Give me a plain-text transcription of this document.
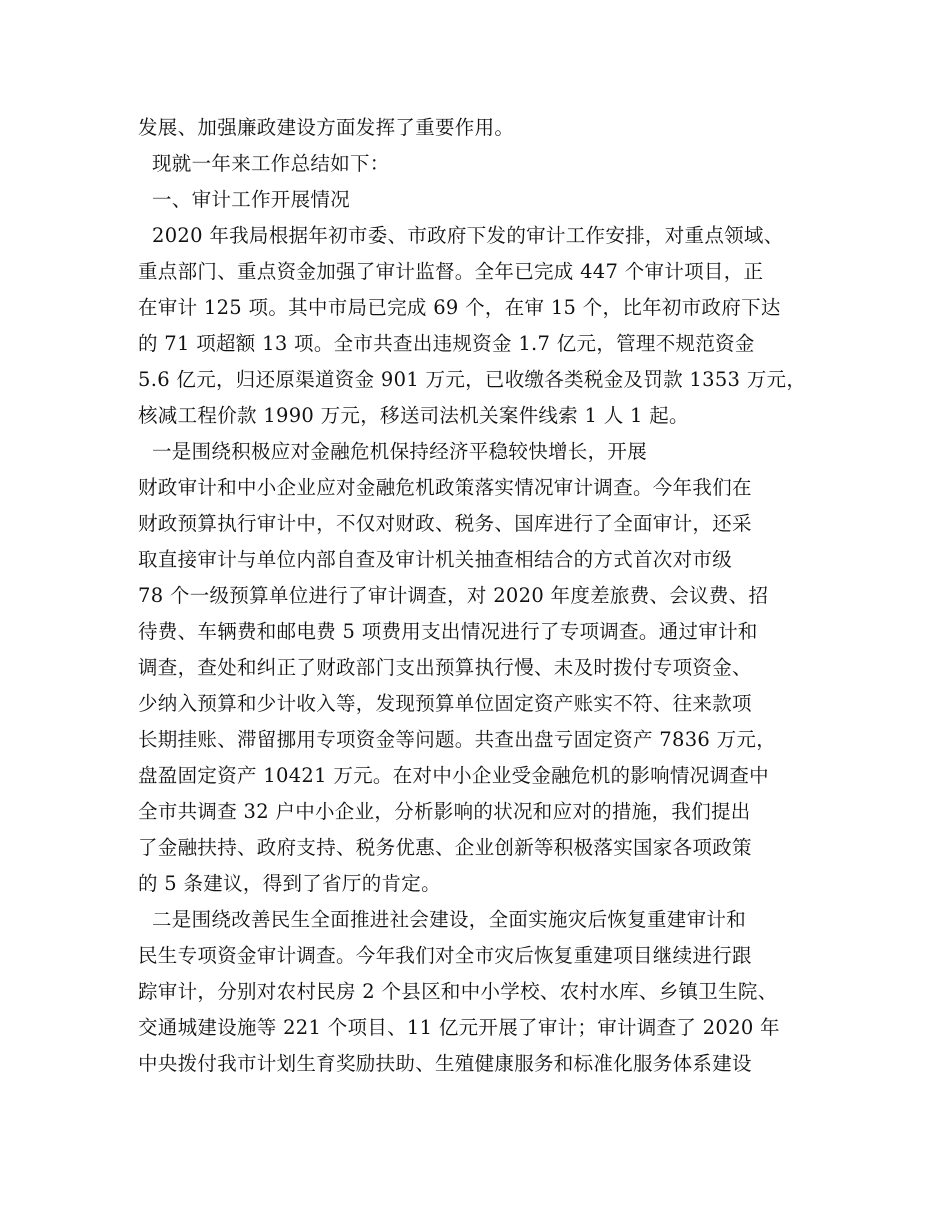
发展、加强廉政建设方面发挥了重要作用。
现就一年来工作总结如下：
一、审计工作开展情况
2020 年我局根据年初市委、市政府下发的审计工作安排，对重点领域、
重点部门、重点资金加强了审计监督。全年已完成 447 个审计项目，正
在审计 125 项。其中市局已完成 69 个，在审 15 个，比年初市政府下达
的 71 项超额 13 项。全市共查出违规资金 1.7 亿元，管理不规范资金
5.6 亿元，归还原渠道资金 901 万元，已收缴各类税金及罚款 1353 万元，
核减工程价款 1990 万元，移送司法机关案件线索 1 人 1 起。
一是围绕积极应对金融危机保持经济平稳较快增长，开展
财政审计和中小企业应对金融危机政策落实情况审计调查。今年我们在
财政预算执行审计中，不仅对财政、税务、国库进行了全面审计，还采
取直接审计与单位内部自查及审计机关抽查相结合的方式首次对市级
78 个一级预算单位进行了审计调查，对 2020 年度差旅费、会议费、招
待费、车辆费和邮电费 5 项费用支出情况进行了专项调查。通过审计和
调查，查处和纠正了财政部门支出预算执行慢、未及时拨付专项资金、
少纳入预算和少计收入等，发现预算单位固定资产账实不符、往来款项
长期挂账、滞留挪用专项资金等问题。共查出盘亏固定资产 7836 万元，
盘盈固定资产 10421 万元。在对中小企业受金融危机的影响情况调查中
全市共调查 32 户中小企业，分析影响的状况和应对的措施，我们提出
了金融扶持、政府支持、税务优惠、企业创新等积极落实国家各项政策
的 5 条建议，得到了省厅的肯定。
二是围绕改善民生全面推进社会建设，全面实施灾后恢复重建审计和
民生专项资金审计调查。今年我们对全市灾后恢复重建项目继续进行跟
踪审计，分别对农村民房 2 个县区和中小学校、农村水库、乡镇卫生院、
交通城建设施等 221 个项目、11 亿元开展了审计；审计调查了 2020 年
中央拨付我市计划生育奖励扶助、生殖健康服务和标准化服务体系建设
